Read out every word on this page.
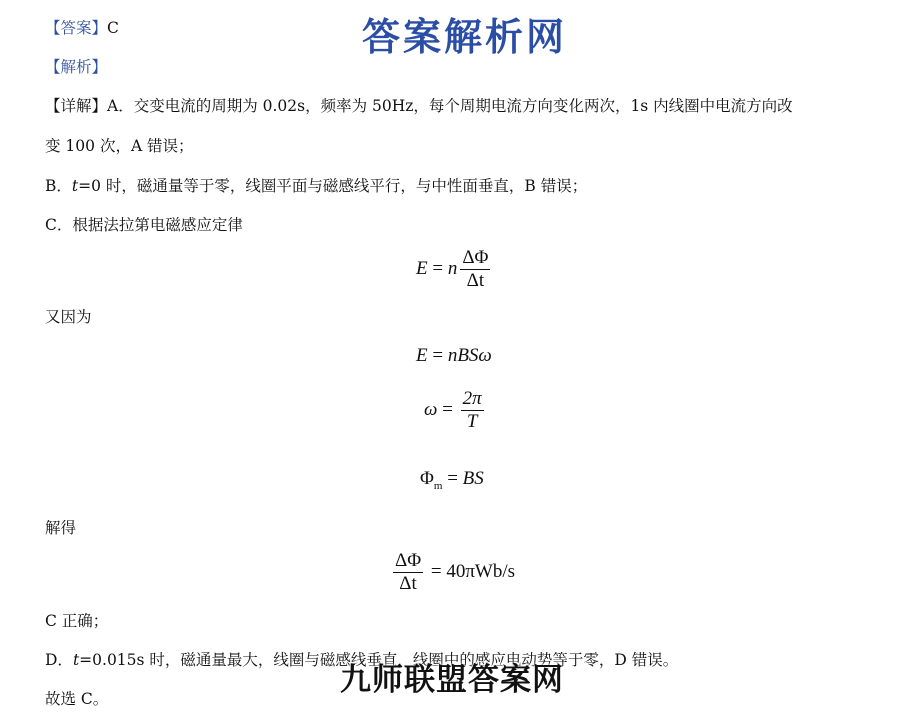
答案解析网
【答案】C
【解析】
【详解】A．交变电流的周期为 0.02s，频率为 50Hz，每个周期电流方向变化两次，1s 内线圈中电流方向改
变 100 次，A 错误；
B．t=0 时，磁通量等于零，线圈平面与磁感线平行，与中性面垂直，B 错误；
C．根据法拉第电磁感应定律
E = n $\frac{\Delta\Phi}{\Delta t}$
又因为
E = nBSω
$\omega = \frac{2\pi}{T}$
$\Phi_m$ = BS
解得
$\frac{\Delta\Phi}{\Delta t} = 40\pi Wb/s$
C 正确；
D．t=0.015s 时，磁通量最大，线圈与磁感线垂直，线圈中的感应电动势等于零，D 错误。
九师联盟答案网
故选 C。
